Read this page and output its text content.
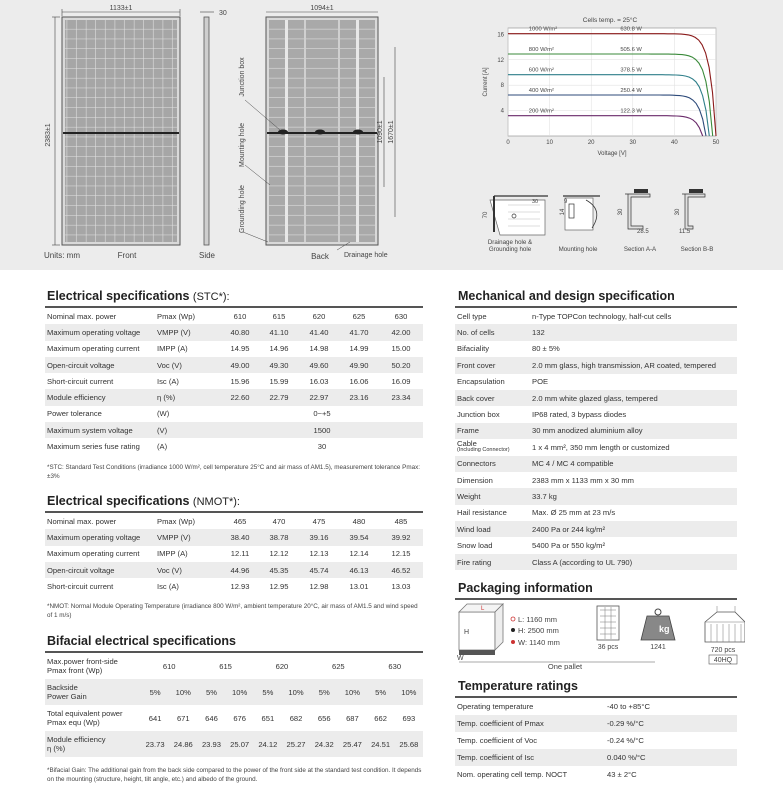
1133±1
2383±1
30
1094±1
1090±1 1670±1
Junction box
Mounting hole
Grounding hole
Units: mm	Front	Side	Back Drainage hole
Cells temp. = 25°C
1000 W/m²	630.8 W
800 W/m²	505.6 W
600 W/m²	378.5 W
400 W/m²	250.4 W
200 W/m²	122.3 W
0	10	20	30	40	50
4
8
12
16
Voltage [V]
Current [A]
70
30
14
9
30
28.5
30
11.5
Drainage hole &
Grounding hole	Mounting hole	Section A-A	Section B-B
Electrical specifications (STC*):
Nominal max. power	Pmax (Wp)	610	615	620	625	630
Maximum operating voltage	VMPP (V)	40.80	41.10	41.40	41.70	42.00
Maximum operating current	IMPP (A)	14.95	14.96	14.98	14.99	15.00
Open-circuit voltage	Voc (V)	49.00	49.30	49.60	49.90	50.20
Short-circuit current	Isc (A)	15.96	15.99	16.03	16.06	16.09
Module efficiency	η (%)	22.60	22.79	22.97	23.16	23.34
Power tolerance	(W)	0~+5				
Maximum system voltage	(V)	1500				
Maximum series fuse rating	(A)	30				
*STC: Standard Test Conditions (irradiance 1000 W/m², cell temperature 25°C and air mass of AM1.5), measurement tolerance Pmax: ±3%
Electrical specifications (NMOT*):
Nominal max. power	Pmax (Wp)	465	470	475	480	485
Maximum operating voltage	VMPP (V)	38.40	38.78	39.16	39.54	39.92
Maximum operating current	IMPP (A)	12.11	12.12	12.13	12.14	12.15
Open-circuit voltage	Voc (V)	44.96	45.35	45.74	46.13	46.52
Short-circuit current	Isc (A)	12.93	12.95	12.98	13.01	13.03
*NMOT: Normal Module Operating Temperature (irradiance 800 W/m², ambient temperature 20°C, air mass of AM1.5 and wind speed of 1 m/s)
Bifacial electrical specifications
Max.power front-side
Pmax front (Wp)	610		615		620		625		630	

Backside
Power Gain	5%	10%	5%	10%	5%	10%	5%	10%	5%	10%

Total equivalent power
Pmax equ (Wp)	641	671	646	676	651	682	656	687	662	693

Module efficiency
η (%)	23.73	24.86	23.93	25.07	24.12	25.27	24.32	25.47	24.51	25.68
*Bifacial Gain: The additional gain from the back side compared to the power of the front side at the standard test condition. It depends on the mounting (structure, height, tilt angle, etc.) and albedo of the ground.
Mechanical and design specification
Cell type	n-Type TOPCon technology, half-cut cells
No. of cells	132
Bifaciality	80 ± 5%
Front cover	2.0 mm glass, high transmission, AR coated, tempered
Encapsulation	POE
Back cover	2.0 mm white glazed glass, tempered
Junction box	IP68 rated, 3 bypass diodes
Frame	30 mm anodized aluminium alloy
Cable
(Including Connector)	1 x 4 mm², 350 mm length or customized
Connectors	MC 4 / MC 4 compatible
Dimension	2383 mm x 1133 mm x 30 mm
Weight	33.7 kg
Hail resistance	Max. Ø 25 mm at 23 m/s
Wind load	2400 Pa or 244 kg/m²
Snow load	5400 Pa or 550 kg/m²
Fire rating	Class A (according to UL 790)
Packaging information
H
L
W
L: 1160 mm
H: 2500 mm
W: 1140 mm
36 pcs
kg
1241	720 pcs
40HQ
One pallet
Temperature ratings
Operating temperature	-40 to +85°C
Temp. coefficient of Pmax	-0.29 %/°C
Temp. coefficient of Voc	-0.24 %/°C
Temp. coefficient of Isc	0.040 %/°C
Nom. operating cell temp. NOCT	43 ± 2°C
